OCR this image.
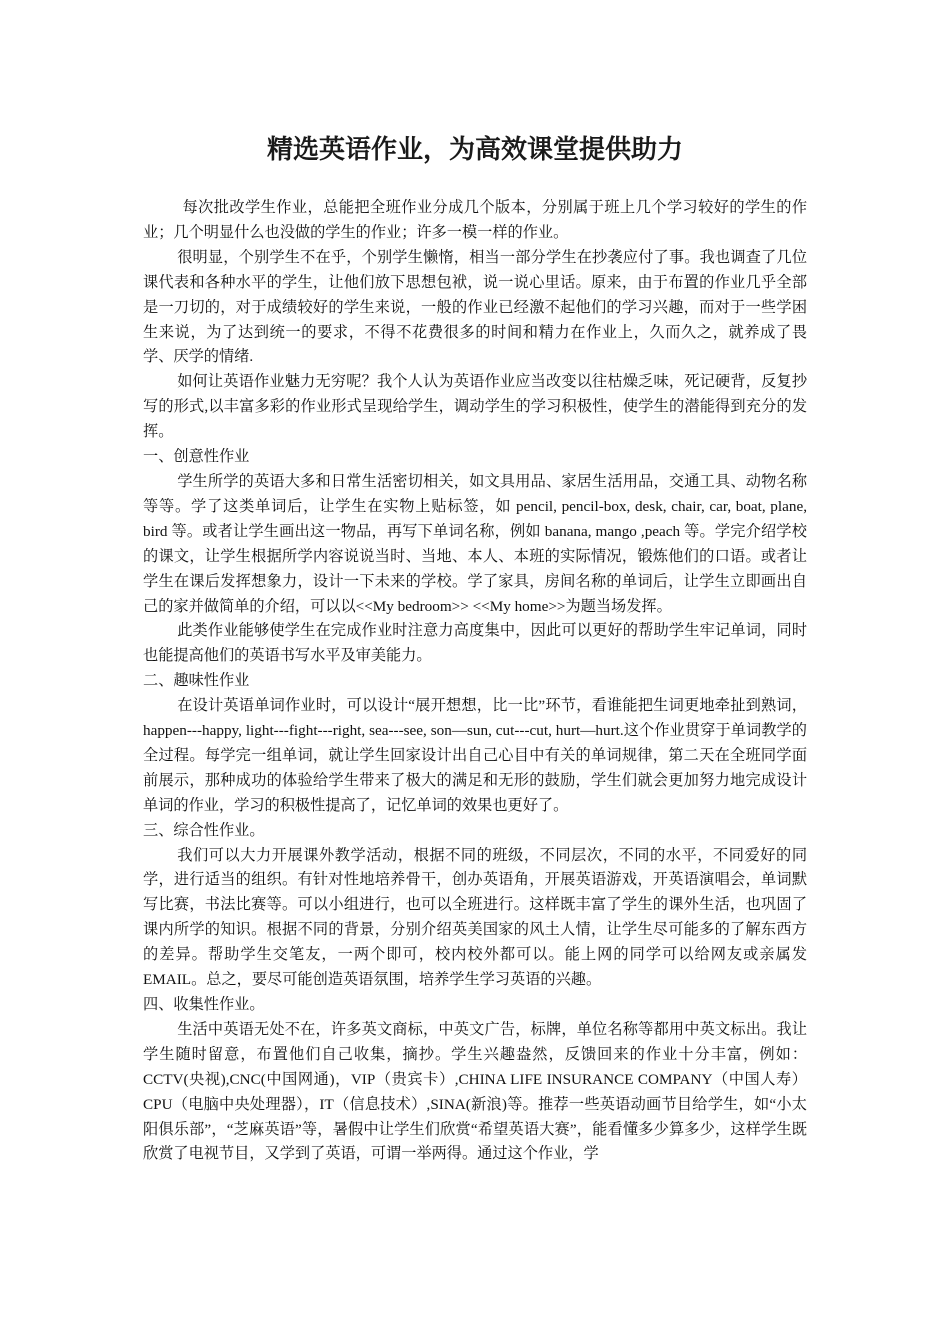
精选英语作业，为高效课堂提供助力

每次批改学生作业，总能把全班作业分成几个版本，分别属于班上几个学习较好的学生的作业；几个明显什么也没做的学生的作业；许多一模一样的作业。

很明显，个别学生不在乎，个别学生懒惰，相当一部分学生在抄袭应付了事。我也调查了几位课代表和各种水平的学生，让他们放下思想包袱，说一说心里话。原来，由于布置的作业几乎全部是一刀切的，对于成绩较好的学生来说，一般的作业已经激不起他们的学习兴趣，而对于一些学困生来说，为了达到统一的要求，不得不花费很多的时间和精力在作业上，久而久之，就养成了畏学、厌学的情绪.

如何让英语作业魅力无穷呢？我个人认为英语作业应当改变以往枯燥乏味，死记硬背，反复抄写的形式,以丰富多彩的作业形式呈现给学生，调动学生的学习积极性，使学生的潜能得到充分的发挥。

一、创意性作业

学生所学的英语大多和日常生活密切相关，如文具用品、家居生活用品，交通工具、动物名称等等。学了这类单词后，让学生在实物上贴标签，如 pencil, pencil-box, desk, chair, car, boat, plane, bird 等。或者让学生画出这一物品，再写下单词名称，例如 banana, mango ,peach 等。学完介绍学校的课文，让学生根据所学内容说说当时、当地、本人、本班的实际情况，锻炼他们的口语。或者让学生在课后发挥想象力，设计一下未来的学校。学了家具，房间名称的单词后，让学生立即画出自己的家并做简单的介绍，可以以<<My bedroom>> <<My home>>为题当场发挥。

此类作业能够使学生在完成作业时注意力高度集中，因此可以更好的帮助学生牢记单词，同时也能提高他们的英语书写水平及审美能力。

二、趣味性作业

在设计英语单词作业时，可以设计“展开想想，比一比”环节，看谁能把生词更地牵扯到熟词，happen---happy, light---fight---right, sea---see, son—sun, cut---cut, hurt—hurt.这个作业贯穿于单词教学的全过程。每学完一组单词，就让学生回家设计出自己心目中有关的单词规律，第二天在全班同学面前展示，那种成功的体验给学生带来了极大的满足和无形的鼓励，学生们就会更加努力地完成设计单词的作业，学习的积极性提高了，记忆单词的效果也更好了。

三、综合性作业。

我们可以大力开展课外教学活动，根据不同的班级，不同层次，不同的水平，不同爱好的同学，进行适当的组织。有针对性地培养骨干，创办英语角，开展英语游戏，开英语演唱会，单词默写比赛，书法比赛等。可以小组进行，也可以全班进行。这样既丰富了学生的课外生活，也巩固了课内所学的知识。根据不同的背景，分别介绍英美国家的风土人情，让学生尽可能多的了解东西方的差异。帮助学生交笔友，一两个即可，校内校外都可以。能上网的同学可以给网友或亲属发 EMAIL。总之，要尽可能创造英语氛围，培养学生学习英语的兴趣。

四、收集性作业。

生活中英语无处不在，许多英文商标，中英文广告，标牌，单位名称等都用中英文标出。我让学生随时留意，布置他们自己收集，摘抄。学生兴趣盎然，反馈回来的作业十分丰富，例如：CCTV(央视),CNC(中国网通)，VIP（贵宾卡）,CHINA LIFE INSURANCE COMPANY（中国人寿）CPU（电脑中央处理器），IT（信息技术）,SINA(新浪)等。推荐一些英语动画节目给学生，如“小太阳俱乐部”，“芝麻英语”等，暑假中让学生们欣赏“希望英语大赛”，能看懂多少算多少，这样学生既欣赏了电视节目，又学到了英语，可谓一举两得。通过这个作业，学
